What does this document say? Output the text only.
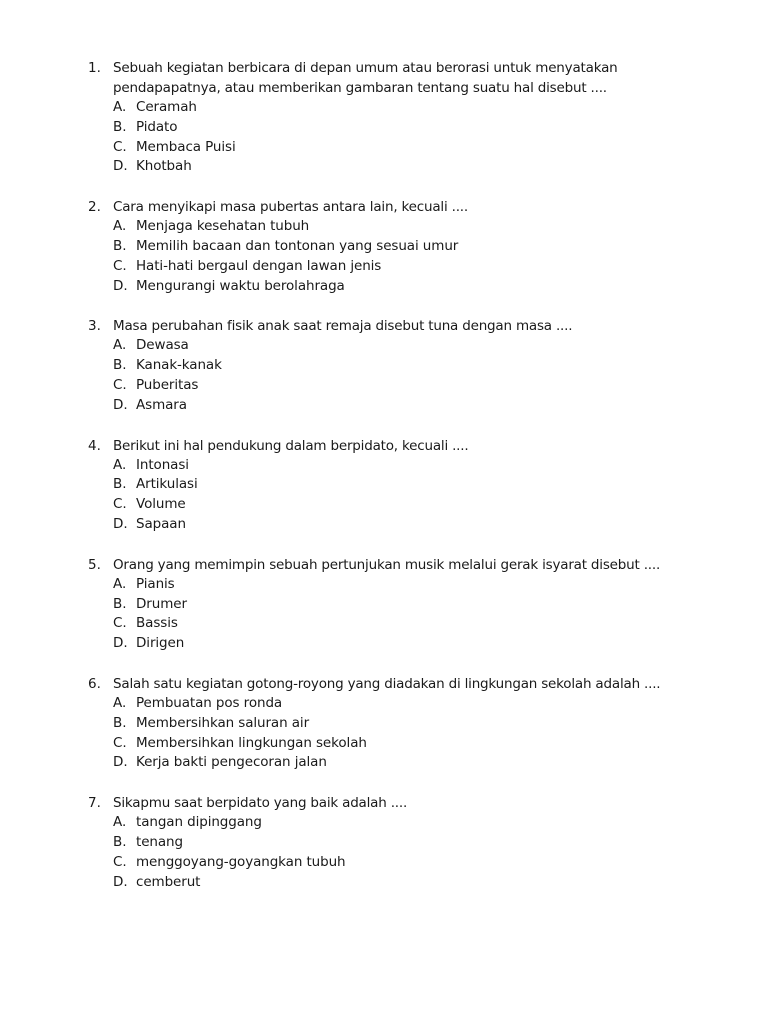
1. Sebuah kegiatan berbicara di depan umum atau berorasi untuk menyatakan pendapapatnya, atau memberikan gambaran tentang suatu hal disebut ....
A. Ceramah
B. Pidato
C. Membaca Puisi
D. Khotbah
2. Cara menyikapi masa pubertas antara lain, kecuali ....
A. Menjaga kesehatan tubuh
B. Memilih bacaan dan tontonan yang sesuai umur
C. Hati-hati bergaul dengan lawan jenis
D. Mengurangi waktu berolahraga
3. Masa perubahan fisik anak saat remaja disebut tuna dengan masa ....
A. Dewasa
B. Kanak-kanak
C. Puberitas
D. Asmara
4. Berikut ini hal pendukung dalam berpidato, kecuali ....
A. Intonasi
B. Artikulasi
C. Volume
D. Sapaan
5. Orang yang memimpin sebuah pertunjukan musik melalui gerak isyarat disebut ....
A. Pianis
B. Drumer
C. Bassis
D. Dirigen
6. Salah satu kegiatan gotong-royong yang diadakan di lingkungan sekolah adalah ....
A. Pembuatan pos ronda
B. Membersihkan saluran air
C. Membersihkan lingkungan sekolah
D. Kerja bakti pengecoran jalan
7. Sikapmu saat berpidato yang baik adalah ....
A. tangan dipinggang
B. tenang
C. menggoyang-goyangkan tubuh
D. cemberut
